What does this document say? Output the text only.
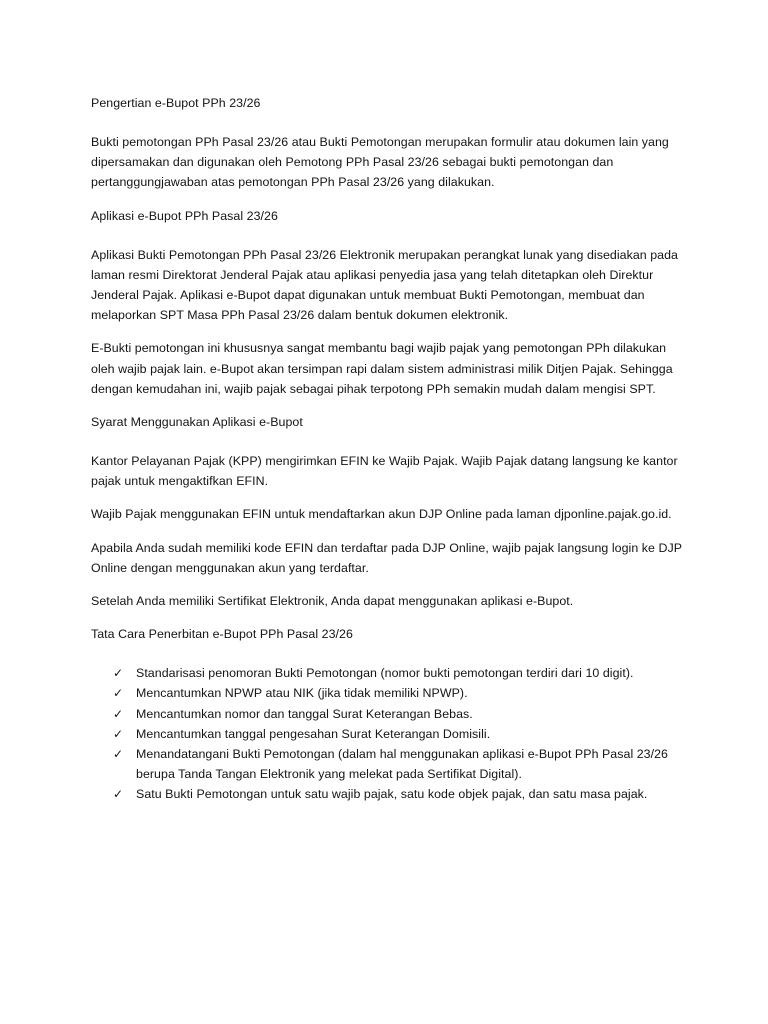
Pengertian e-Bupot PPh 23/26

Bukti pemotongan PPh Pasal 23/26 atau Bukti Pemotongan merupakan formulir atau dokumen lain yang dipersamakan dan digunakan oleh Pemotong PPh Pasal 23/26 sebagai bukti pemotongan dan pertanggungjawaban atas pemotongan PPh Pasal 23/26 yang dilakukan.

Aplikasi e-Bupot PPh Pasal 23/26

Aplikasi Bukti Pemotongan PPh Pasal 23/26 Elektronik merupakan perangkat lunak yang disediakan pada laman resmi Direktorat Jenderal Pajak atau aplikasi penyedia jasa yang telah ditetapkan oleh Direktur Jenderal Pajak. Aplikasi e-Bupot dapat digunakan untuk membuat Bukti Pemotongan, membuat dan melaporkan SPT Masa PPh Pasal 23/26 dalam bentuk dokumen elektronik.

E-Bukti pemotongan ini khususnya sangat membantu bagi wajib pajak yang pemotongan PPh dilakukan oleh wajib pajak lain. e-Bupot akan tersimpan rapi dalam sistem administrasi milik Ditjen Pajak. Sehingga dengan kemudahan ini, wajib pajak sebagai pihak terpotong PPh semakin mudah dalam mengisi SPT.

Syarat Menggunakan Aplikasi e-Bupot

Kantor Pelayanan Pajak (KPP) mengirimkan EFIN ke Wajib Pajak. Wajib Pajak datang langsung ke kantor pajak untuk mengaktifkan EFIN.

Wajib Pajak menggunakan EFIN untuk mendaftarkan akun DJP Online pada laman djponline.pajak.go.id.

Apabila Anda sudah memiliki kode EFIN dan terdaftar pada DJP Online, wajib pajak langsung login ke DJP Online dengan menggunakan akun yang terdaftar.

Setelah Anda memiliki Sertifikat Elektronik, Anda dapat menggunakan aplikasi e-Bupot.

Tata Cara Penerbitan e-Bupot PPh Pasal 23/26

✓ Standarisasi penomoran Bukti Pemotongan (nomor bukti pemotongan terdiri dari 10 digit).
✓ Mencantumkan NPWP atau NIK (jika tidak memiliki NPWP).
✓ Mencantumkan nomor dan tanggal Surat Keterangan Bebas.
✓ Mencantumkan tanggal pengesahan Surat Keterangan Domisili.
✓ Menandatangani Bukti Pemotongan (dalam hal menggunakan aplikasi e-Bupot PPh Pasal 23/26 berupa Tanda Tangan Elektronik yang melekat pada Sertifikat Digital).
✓ Satu Bukti Pemotongan untuk satu wajib pajak, satu kode objek pajak, dan satu masa pajak.
